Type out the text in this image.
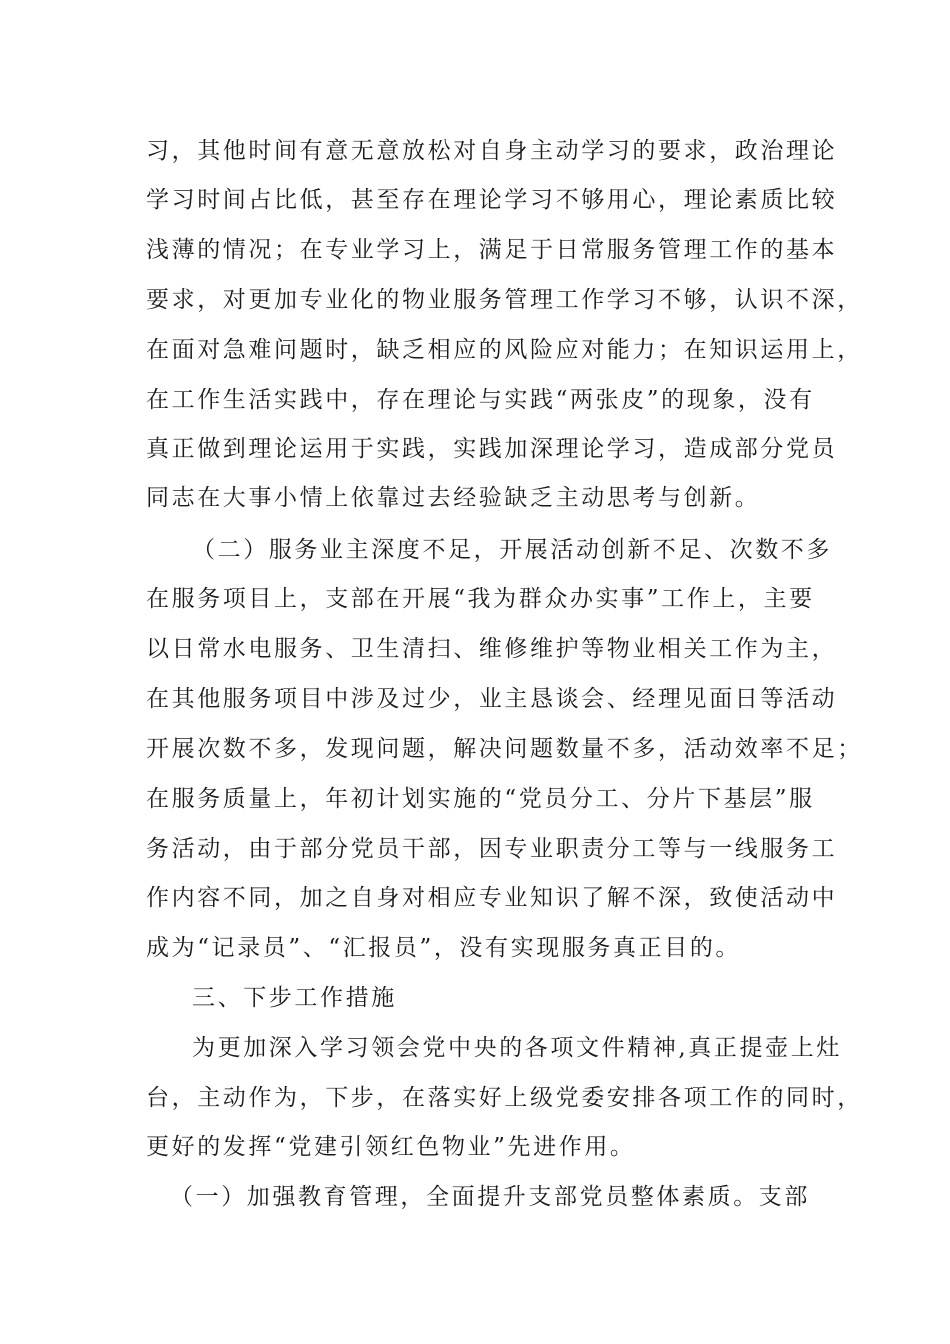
习，其他时间有意无意放松对自身主动学习的要求，政治理论
学习时间占比低，甚至存在理论学习不够用心，理论素质比较
浅薄的情况；在专业学习上，满足于日常服务管理工作的基本
要求，对更加专业化的物业服务管理工作学习不够，认识不深，
在面对急难问题时，缺乏相应的风险应对能力；在知识运用上，
在工作生活实践中，存在理论与实践“两张皮”的现象，没有
真正做到理论运用于实践，实践加深理论学习，造成部分党员
同志在大事小情上依靠过去经验缺乏主动思考与创新。
（二）服务业主深度不足，开展活动创新不足、次数不多
在服务项目上，支部在开展“我为群众办实事”工作上，主要
以日常水电服务、卫生清扫、维修维护等物业相关工作为主，
在其他服务项目中涉及过少，业主恳谈会、经理见面日等活动
开展次数不多，发现问题，解决问题数量不多，活动效率不足；
在服务质量上，年初计划实施的“党员分工、分片下基层”服
务活动，由于部分党员干部，因专业职责分工等与一线服务工
作内容不同，加之自身对相应专业知识了解不深，致使活动中
成为“记录员”、“汇报员”，没有实现服务真正目的。
三、下步工作措施
为更加深入学习领会党中央的各项文件精神,真正提壶上灶
台，主动作为，下步，在落实好上级党委安排各项工作的同时，
更好的发挥“党建引领红色物业”先进作用。
（一）加强教育管理，全面提升支部党员整体素质。支部
